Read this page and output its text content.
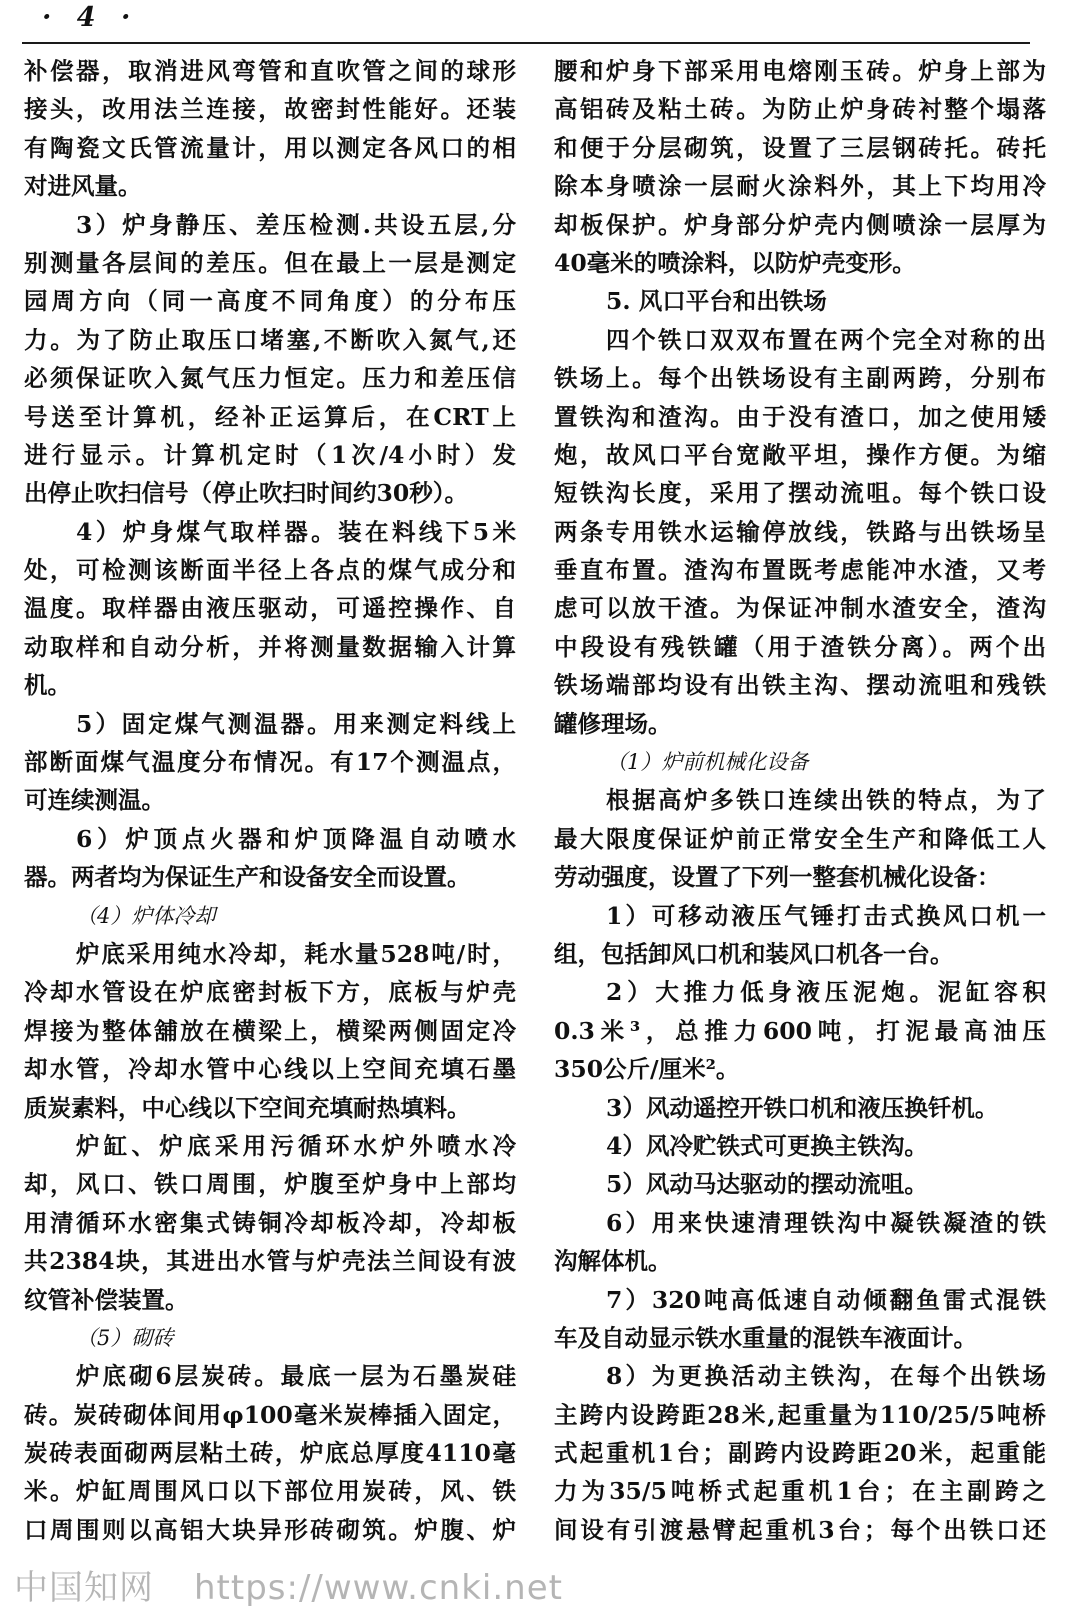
· 4 ·
补偿器，取消进风弯管和直吹管之间的球形
接头，改用法兰连接，故密封性能好。还装
有陶瓷文氏管流量计，用以测定各风口的相
对进风量。
3）炉身静压、差压检测.共设五层,分
别测量各层间的差压。但在最上一层是测定
园周方向（同一高度不同角度）的分布压
力。为了防止取压口堵塞,不断吹入氮气,还
必须保证吹入氮气压力恒定。压力和差压信
号送至计算机，经补正运算后，在CRT上
进行显示。计算机定时（1次/4小时）发
出停止吹扫信号（停止吹扫时间约30秒）。
4）炉身煤气取样器。装在料线下5米
处，可检测该断面半径上各点的煤气成分和
温度。取样器由液压驱动，可遥控操作、自
动取样和自动分析，并将测量数据输入计算
机。
5）固定煤气测温器。用来测定料线上
部断面煤气温度分布情况。有17个测温点，
可连续测温。
6）炉顶点火器和炉顶降温自动喷水
器。两者均为保证生产和设备安全而设置。
（4）炉体冷却
炉底采用纯水冷却，耗水量528吨/时，
冷却水管设在炉底密封板下方，底板与炉壳
焊接为整体舖放在横梁上，横梁两侧固定冷
却水管，冷却水管中心线以上空间充填石墨
质炭素料，中心线以下空间充填耐热填料。
炉缸、炉底采用污循环水炉外喷水冷
却，风口、铁口周围，炉腹至炉身中上部均
用清循环水密集式铸铜冷却板冷却，冷却板
共2384块，其进出水管与炉壳法兰间设有波
纹管补偿装置。
（5）砌砖
炉底砌6层炭砖。最底一层为石墨炭硅
砖。炭砖砌体间用φ100毫米炭棒插入固定，
炭砖表面砌两层粘土砖，炉底总厚度4110毫
米。炉缸周围风口以下部位用炭砖，风、铁
口周围则以高铝大块异形砖砌筑。炉腹、炉
腰和炉身下部采用电熔刚玉砖。炉身上部为
高铝砖及粘土砖。为防止炉身砖衬整个塌落
和便于分层砌筑，设置了三层钢砖托。砖托
除本身喷涂一层耐火涂料外，其上下均用冷
却板保护。炉身部分炉壳内侧喷涂一层厚为
40毫米的喷涂料，以防炉壳变形。
5. 风口平台和出铁场
四个铁口双双布置在两个完全对称的出
铁场上。每个出铁场设有主副两跨，分别布
置铁沟和渣沟。由于没有渣口，加之使用矮
炮，故风口平台宽敞平坦，操作方便。为缩
短铁沟长度，采用了摆动流咀。每个铁口设
两条专用铁水运输停放线，铁路与出铁场呈
垂直布置。渣沟布置既考虑能冲水渣，又考
虑可以放干渣。为保证冲制水渣安全，渣沟
中段设有残铁罐（用于渣铁分离）。两个出
铁场端部均设有出铁主沟、摆动流咀和残铁
罐修理场。
（1）炉前机械化设备
根据高炉多铁口连续出铁的特点，为了
最大限度保证炉前正常安全生产和降低工人
劳动强度，设置了下列一整套机械化设备：
1）可移动液压气锤打击式换风口机一
组，包括卸风口机和装风口机各一台。
2）大推力低身液压泥炮。泥缸容积
0.3米³，总推力600吨，打泥最高油压
350公斤/厘米²。
3）风动遥控开铁口机和液压换钎机。
4）风冷贮铁式可更换主铁沟。
5）风动马达驱动的摆动流咀。
6）用来快速清理铁沟中凝铁凝渣的铁
沟解体机。
7）320吨高低速自动倾翻鱼雷式混铁
车及自动显示铁水重量的混铁车液面计。
8）为更换活动主铁沟，在每个出铁场
主跨内设跨距28米,起重量为110/25/5吨桥
式起重机1台；副跨内设跨距20米，起重能
力为35/5吨桥式起重机1台；在主副跨之
间设有引渡悬臂起重机3台；每个出铁口还
中国知网 https://www.cnki.net
